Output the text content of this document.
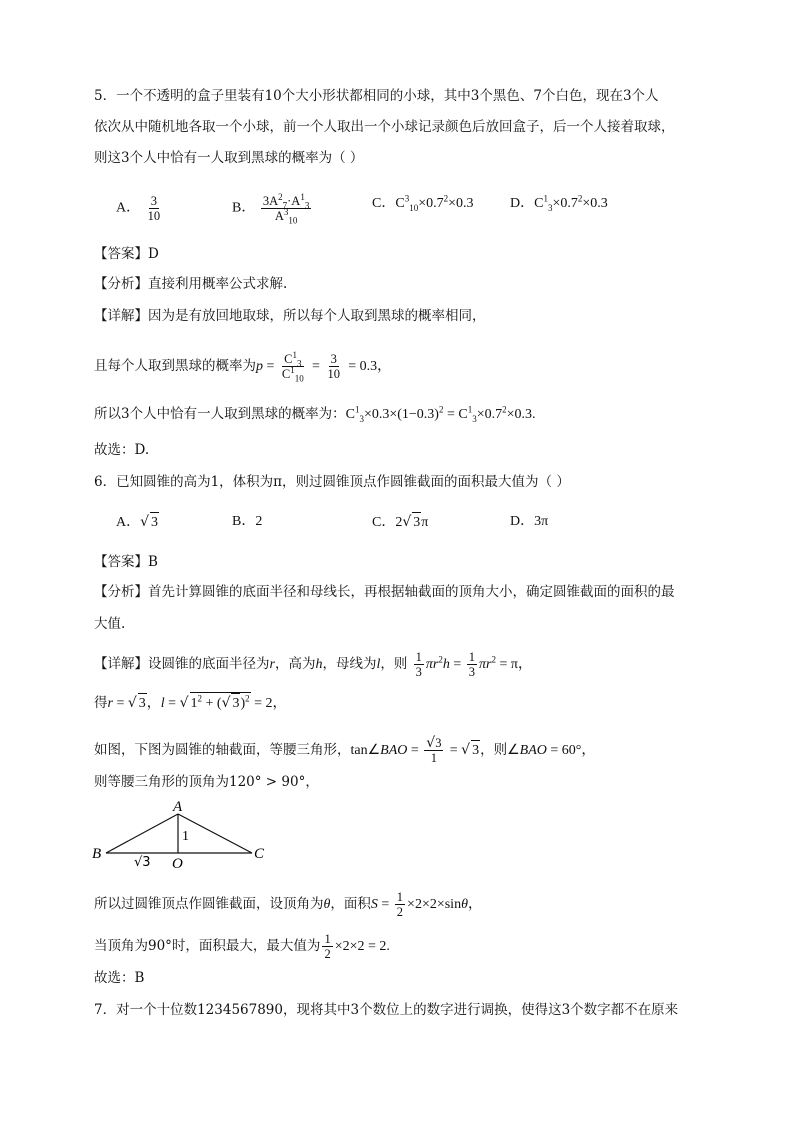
5．一个不透明的盒子里装有10个大小形状都相同的小球，其中3个黑色、7个白色，现在3个人
依次从中随机地各取一个小球，前一个人取出一个小球记录颜色后放回盒子，后一个人接着取球，
则这3个人中恰有一人取到黑球的概率为（ ）
A． $\frac{3}{10}$	B． $\frac{3A^2_7\cdot A^1_3}{A^3_{10}}$	C．$C^3_{10}\times 0.7^2\times 0.3$	D．$C^1_3\times 0.7^2\times 0.3$
【答案】D
【分析】直接利用概率公式求解.
【详解】因为是有放回地取球，所以每个人取到黑球的概率相同，
且每个人取到黑球的概率为$p = \frac{C^1_3}{C^1_{10}} = \frac{3}{10} = 0.3$，
所以3个人中恰有一人取到黑球的概率为：$C^1_3\times 0.3\times(1-0.3)^2 = C^1_3\times 0.7^2\times 0.3$.
故选：D.
6．已知圆锥的高为1，体积为π，则过圆锥顶点作圆锥截面的面积最大值为（ ）
A．√ 3	B．2	C．2√ 3π	D．3π
【答案】B
【分析】首先计算圆锥的底面半径和母线长，再根据轴截面的顶角大小，确定圆锥截面的面积的最
大值.
【详解】设圆锥的底面半径为r，高为h，母线为l，则 $\frac{1}{3} \pi r^2h = \frac{1}{3} \pi r^2 = \pi$，
得r = √ 3，l = √ $1^2$ + (√ 3)$^2$ = 2，
如图，下图为圆锥的轴截面，等腰三角形，tan∠BAO = $\frac{√3}{1}$ = √ 3，则∠BAO = 60°，
则等腰三角形的顶角为120° > 90°，
A
B	C
O
1
√3
所以过圆锥顶点作圆锥截面，设顶角为θ，面积$S = \frac{1}{2} \times 2\times 2\times\sin\theta$，
当顶角为90°时，面积最大，最大值为 $\frac{1}{2} \times 2\times 2 = 2$.
故选：B
7．对一个十位数1234567890，现将其中3个数位上的数字进行调换，使得这3个数字都不在原来
